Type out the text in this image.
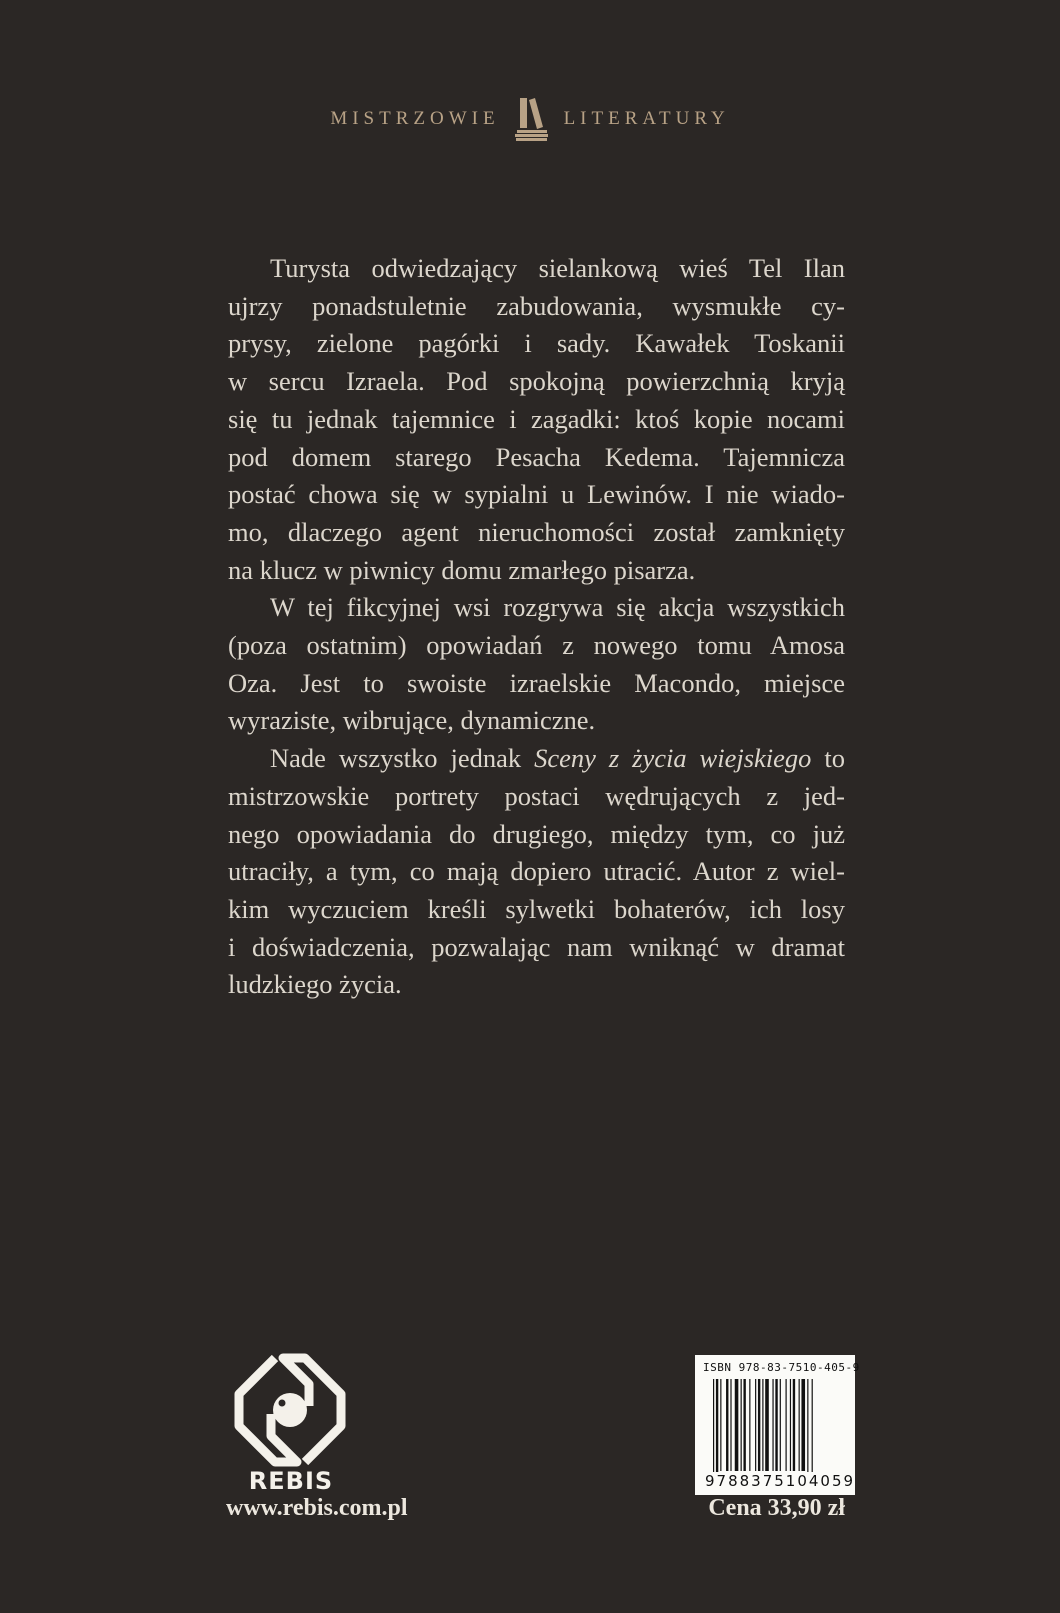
MISTRZOWIE	LITERATURY
Turysta odwiedzający sielankową wieś Tel Ilan
ujrzy ponadstuletnie zabudowania, wysmukłe cy-
prysy, zielone pagórki i sady. Kawałek Toskanii
w sercu Izraela. Pod spokojną powierzchnią kryją
się tu jednak tajemnice i zagadki: ktoś kopie nocami
pod domem starego Pesacha Kedema. Tajemnicza
postać chowa się w sypialni u Lewinów. I nie wiado-
mo, dlaczego agent nieruchomości został zamknięty
na klucz w piwnicy domu zmarłego pisarza.
W tej fikcyjnej wsi rozgrywa się akcja wszystkich
(poza ostatnim) opowiadań z nowego tomu Amosa
Oza. Jest to swoiste izraelskie Macondo, miejsce
wyraziste, wibrujące, dynamiczne.
Nade wszystko jednak Sceny z życia wiejskiego to
mistrzowskie portrety postaci wędrujących z jed-
nego opowiadania do drugiego, między tym, co już
utraciły, a tym, co mają dopiero utracić. Autor z wiel-
kim wyczuciem kreśli sylwetki bohaterów, ich losy
i doświadczenia, pozwalając nam wniknąć w dramat
ludzkiego życia.
REBIS
www.rebis.com.pl
ISBN 978-83-7510-405-9
9788375104059
Cena 33,90 zł
